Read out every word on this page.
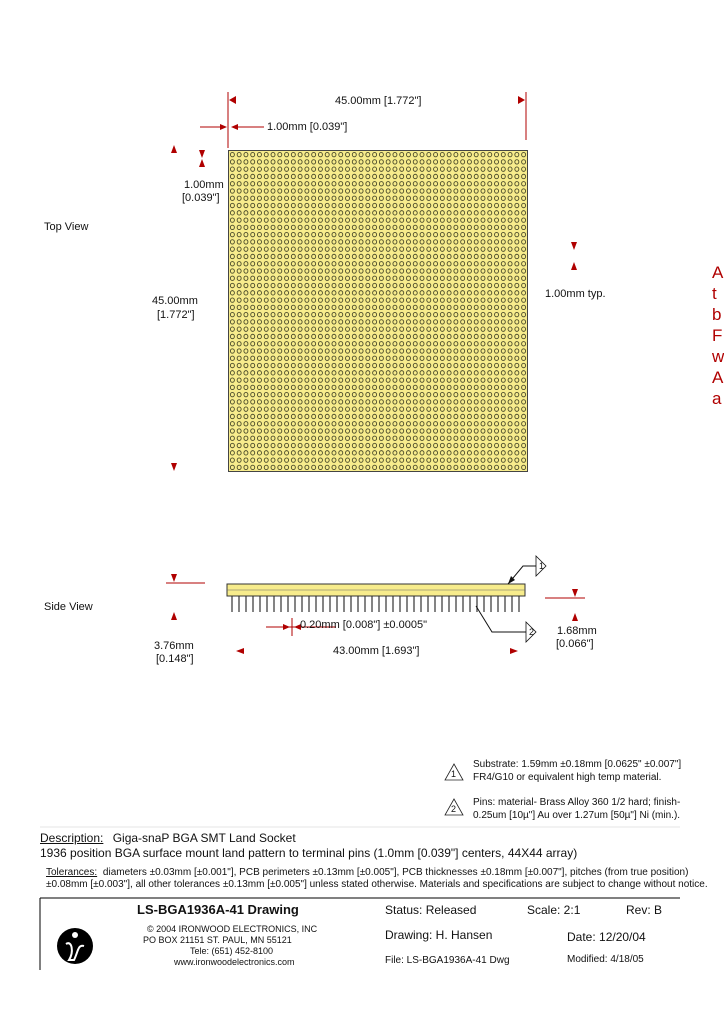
Top View
45.00mm [1.772"]
1.00mm [0.039"]
1.00mm
[0.039"]
45.00mm
[1.772"]
1.00mm typ.
Side View
0.20mm [0.008"] ±0.0005"
3.76mm
[0.148"]
43.00mm [1.693"]
1.68mm
[0.066"]
1
2
1
Substrate: 1.59mm ±0.18mm [0.0625" ±0.007"]
FR4/G10 or equivalent high temp material.
2
Pins: material- Brass Alloy 360 1/2 hard; finish-
0.25um [10µ"] Au over 1.27um [50µ"] Ni (min.).
Description: Giga-snaP BGA SMT Land Socket
1936 position BGA surface mount land pattern to terminal pins (1.0mm [0.039"] centers, 44X44 array)
Tolerances: diameters ±0.03mm [±0.001"], PCB perimeters ±0.13mm [±0.005"], PCB thicknesses ±0.18mm [±0.007"], pitches (from true position)
±0.08mm [±0.003"], all other tolerances ±0.13mm [±0.005"] unless stated otherwise. Materials and specifications are subject to change without notice.
LS-BGA1936A-41 Drawing
© 2004 IRONWOOD ELECTRONICS, INC
PO BOX 21151 ST. PAUL, MN 55121
Tele: (651) 452-8100
www.ironwoodelectronics.com
Status: Released	Scale: 2:1	Rev: B
Drawing: H. Hansen	Date: 12/20/04
File: LS-BGA1936A-41 Dwg	Modified: 4/18/05
A
t
b
F
w
A
a
